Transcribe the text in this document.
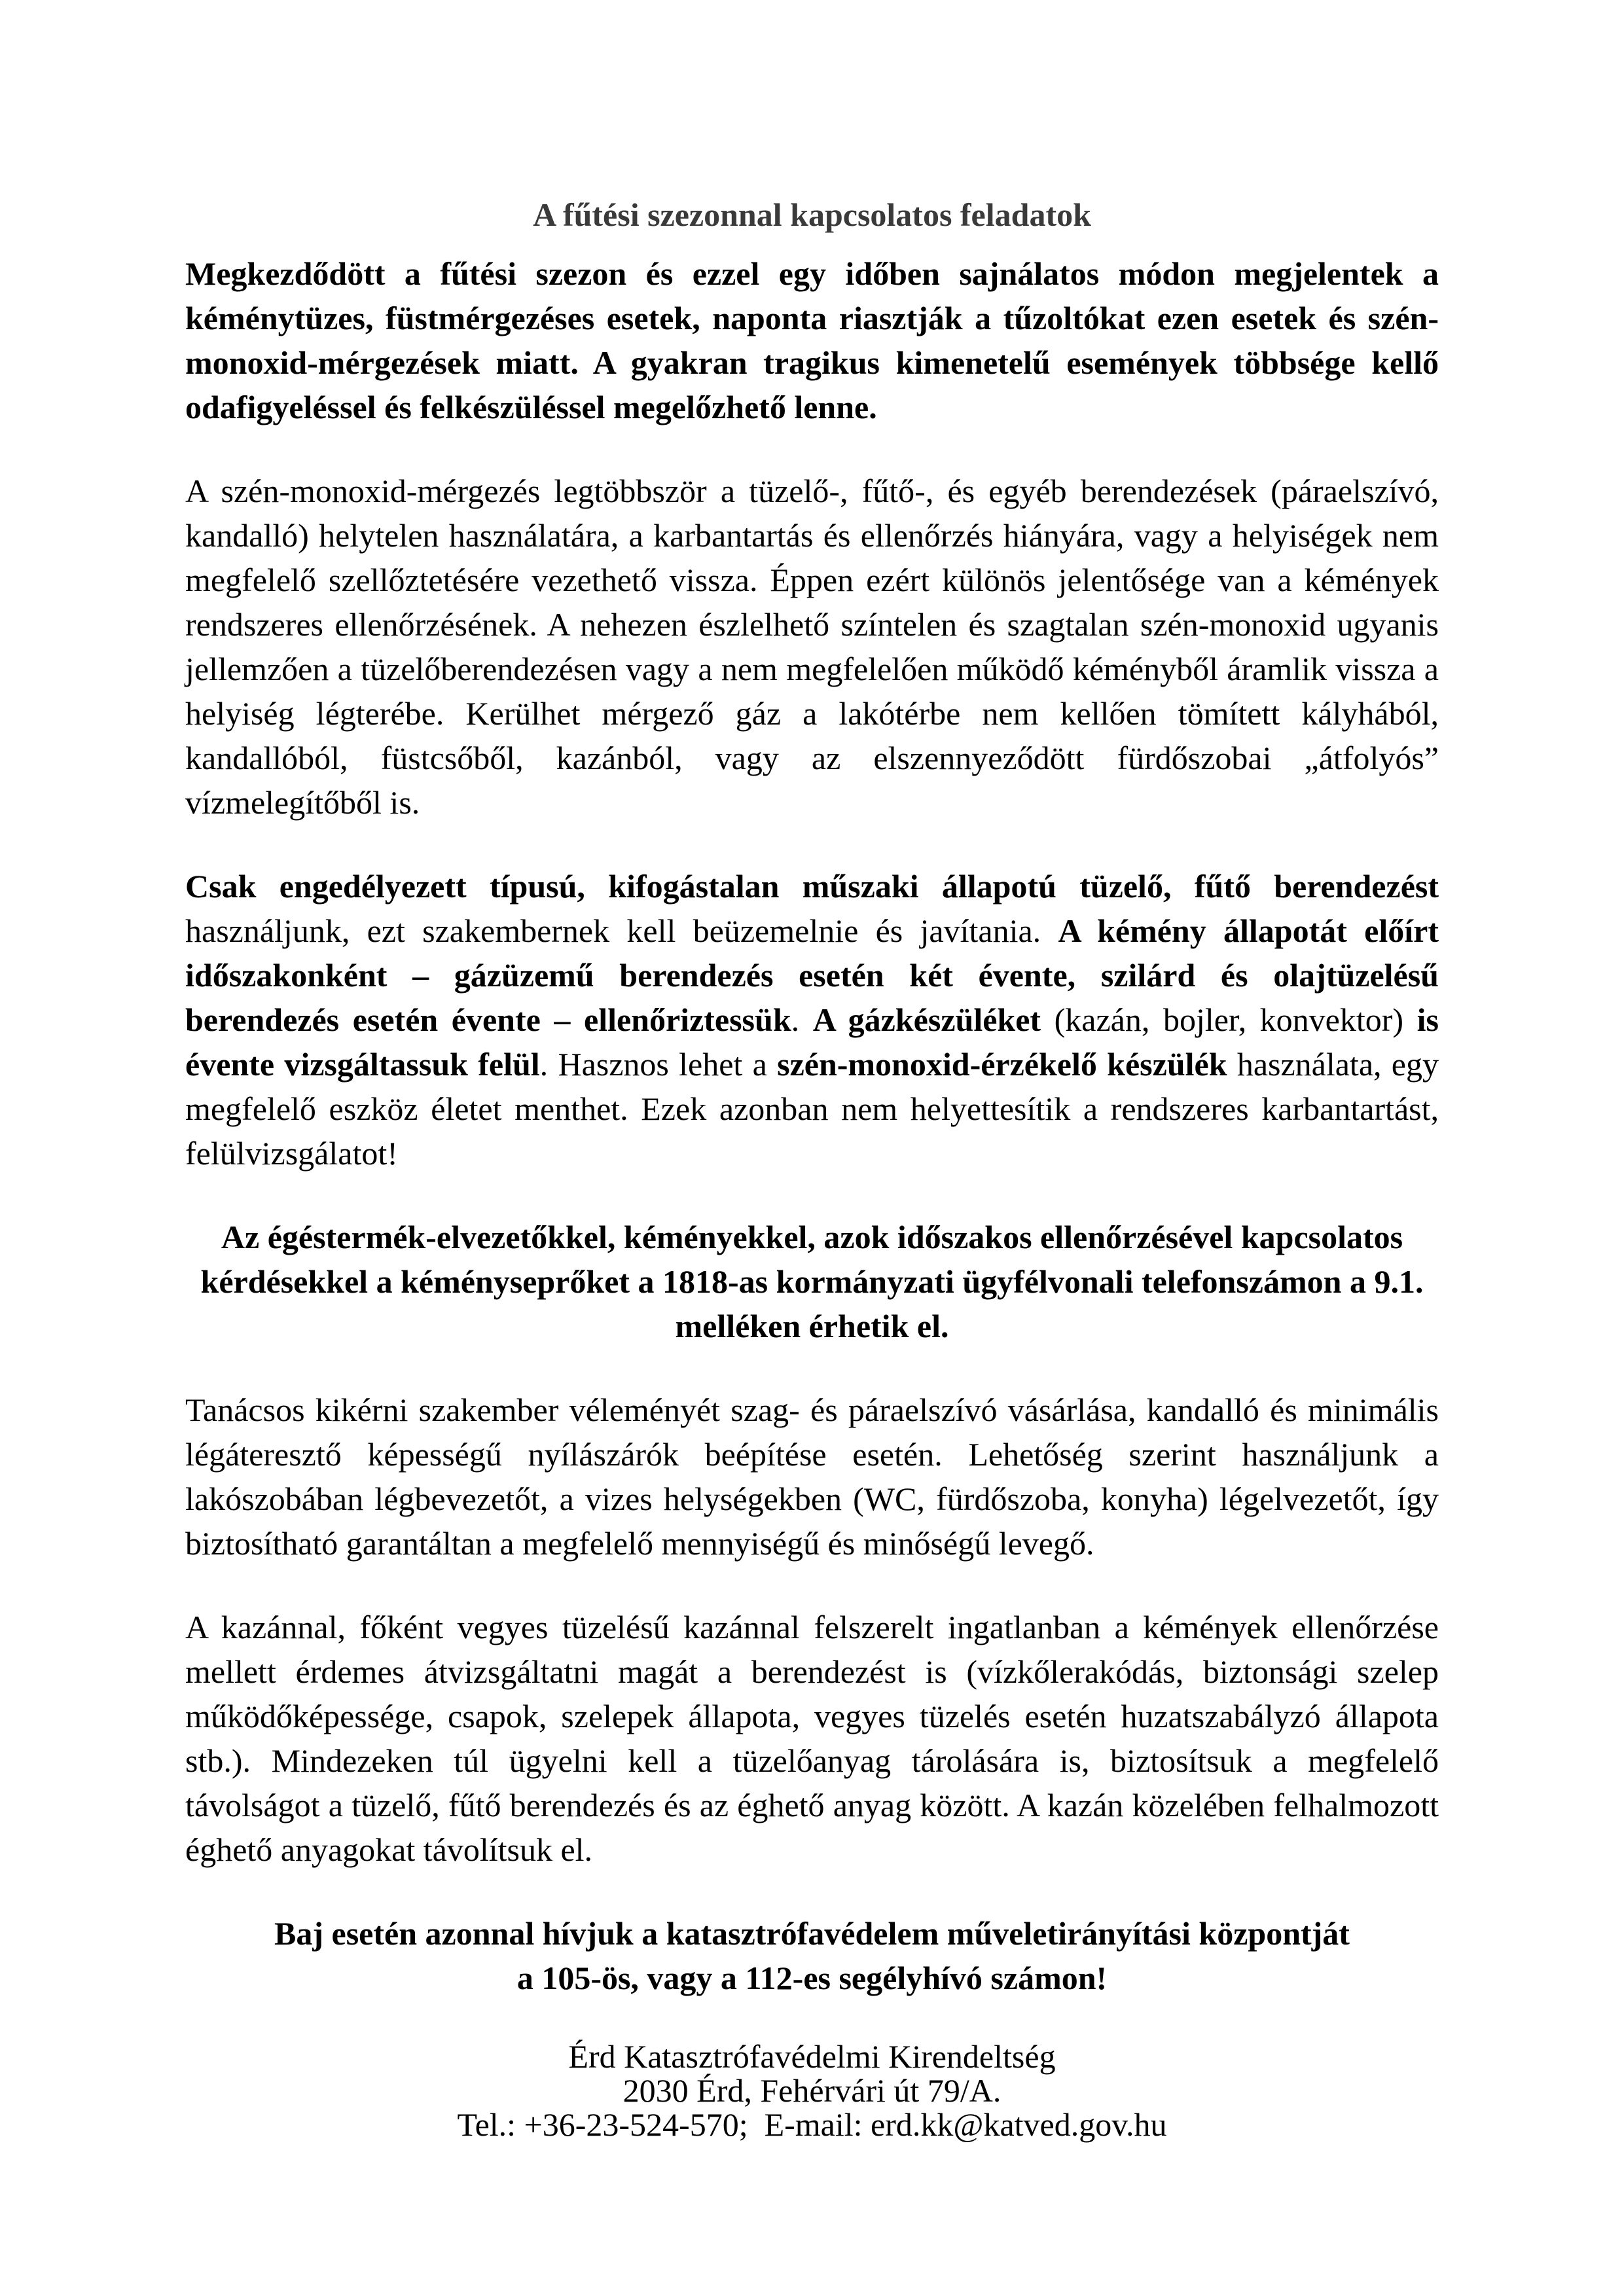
A fűtési szezonnal kapcsolatos feladatok

Megkezdődött a fűtési szezon és ezzel egy időben sajnálatos módon megjelentek a kéménytüzes, füstmérgezéses esetek, naponta riasztják a tűzoltókat ezen esetek és szén-monoxid-mérgezések miatt. A gyakran tragikus kimenetelű események többsége kellő odafigyeléssel és felkészüléssel megelőzhető lenne.

A szén-monoxid-mérgezés legtöbbször a tüzelő-, fűtő-, és egyéb berendezések (páraelszívó, kandalló) helytelen használatára, a karbantartás és ellenőrzés hiányára, vagy a helyiségek nem megfelelő szellőztetésére vezethető vissza. Éppen ezért különös jelentősége van a kémények rendszeres ellenőrzésének. A nehezen észlelhető színtelen és szagtalan szén-monoxid ugyanis jellemzően a tüzelőberendezésen vagy a nem megfelelően működő kéményből áramlik vissza a helyiség légterébe. Kerülhet mérgező gáz a lakótérbe nem kellően tömített kályhából, kandallóból, füstcsőből, kazánból, vagy az elszennyeződött fürdőszobai „átfolyós” vízmelegítőből is.

Csak engedélyezett típusú, kifogástalan műszaki állapotú tüzelő, fűtő berendezést használjunk, ezt szakembernek kell beüzemelnie és javítania. A kémény állapotát előírt időszakonként – gázüzemű berendezés esetén két évente, szilárd és olajtüzelésű berendezés esetén évente – ellenőriztessük. A gázkészüléket (kazán, bojler, konvektor) is évente vizsgáltassuk felül. Hasznos lehet a szén-monoxid-érzékelő készülék használata, egy megfelelő eszköz életet menthet. Ezek azonban nem helyettesítik a rendszeres karbantartást, felülvizsgálatot!

Az égéstermék-elvezetőkkel, kéményekkel, azok időszakos ellenőrzésével kapcsolatos
kérdésekkel a kéményseprőket a 1818-as kormányzati ügyfélvonali telefonszámon a 9.1.
melléken érhetik el.

Tanácsos kikérni szakember véleményét szag- és páraelszívó vásárlása, kandalló és minimális légáteresztő képességű nyílászárók beépítése esetén. Lehetőség szerint használjunk a lakószobában légbevezetőt, a vizes helységekben (WC, fürdőszoba, konyha) légelvezetőt, így biztosítható garantáltan a megfelelő mennyiségű és minőségű levegő.

A kazánnal, főként vegyes tüzelésű kazánnal felszerelt ingatlanban a kémények ellenőrzése mellett érdemes átvizsgáltatni magát a berendezést is (vízkőlerakódás, biztonsági szelep működőképessége, csapok, szelepek állapota, vegyes tüzelés esetén huzatszabályzó állapota stb.). Mindezeken túl ügyelni kell a tüzelőanyag tárolására is, biztosítsuk a megfelelő távolságot a tüzelő, fűtő berendezés és az éghető anyag között. A kazán közelében felhalmozott éghető anyagokat távolítsuk el.

Baj esetén azonnal hívjuk a katasztrófavédelem műveletirányítási központját
a 105-ös, vagy a 112-es segélyhívó számon!
Érd Katasztrófavédelmi Kirendeltség
2030 Érd, Fehérvári út 79/A.
Tel.: +36-23-524-570;  E-mail: erd.kk@katved.gov.hu
